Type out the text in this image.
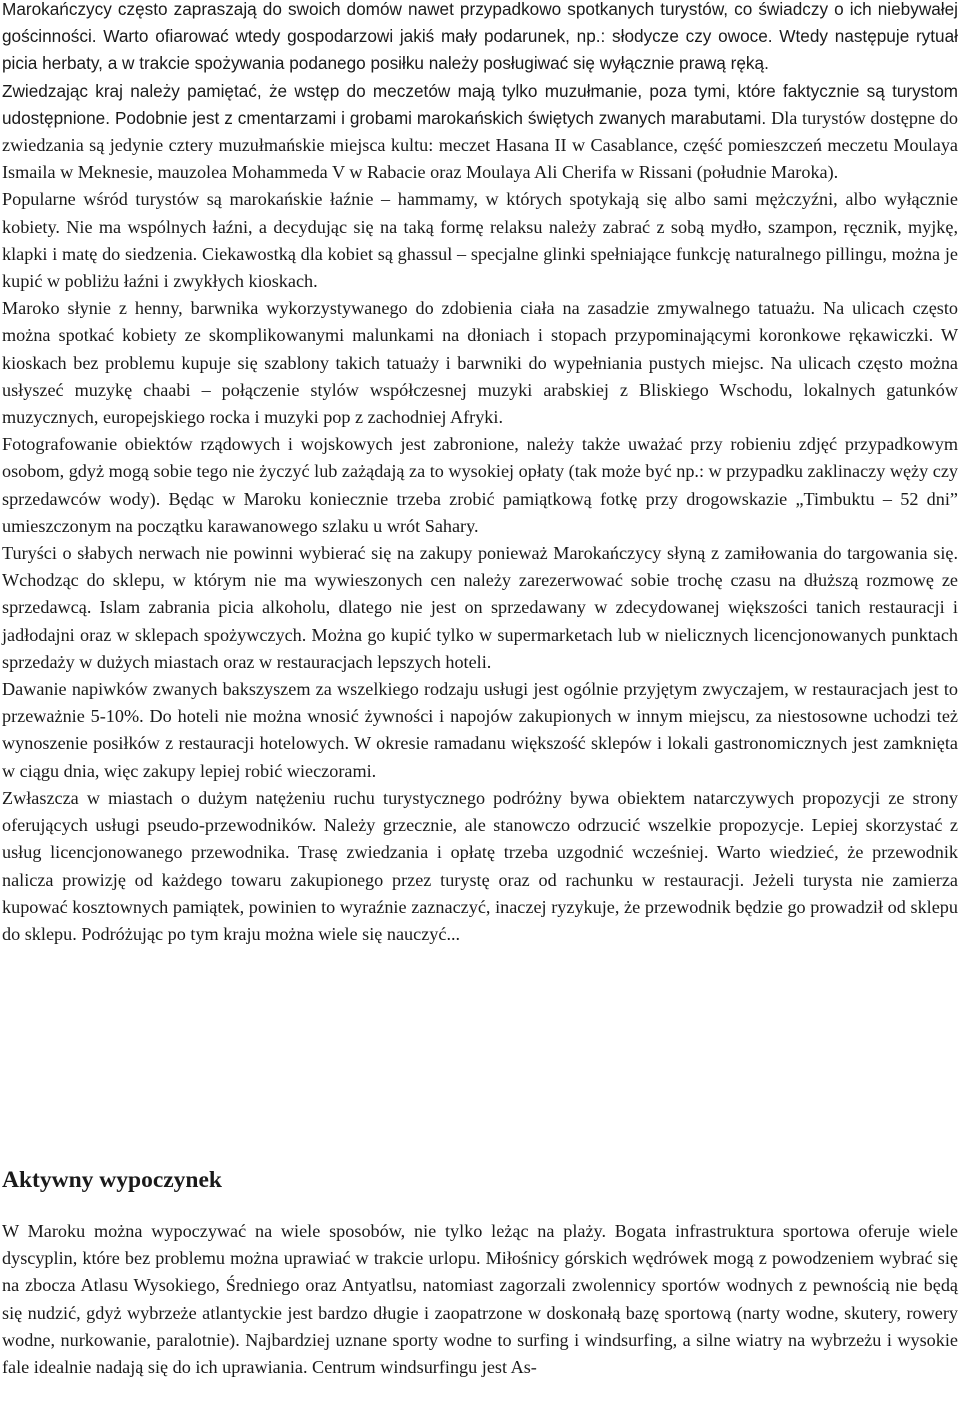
Marokańczycy często zapraszają do swoich domów nawet przypadkowo spotkanych turystów, co świadczy o ich niebywałej gościnności. Warto ofiarować wtedy gospodarzowi jakiś mały podarunek, np.: słodycze czy owoce. Wtedy następuje rytuał picia herbaty, a w trakcie spożywania podanego posiłku należy posługiwać się wyłącznie prawą ręką.

Zwiedzając kraj należy pamiętać, że wstęp do meczetów mają tylko muzułmanie, poza tymi, które faktycznie są turystom udostępnione. Podobnie jest z cmentarzami i grobami marokańskich świętych zwanych marabutami. Dla turystów dostępne do zwiedzania są jedynie cztery muzułmańskie miejsca kultu: meczet Hasana II w Casablance, część pomieszczeń meczetu Moulaya Ismaila w Meknesie, mauzolea Mohammeda V w Rabacie oraz Moulaya Ali Cherifa w Rissani (południe Maroka).

Popularne wśród turystów są marokańskie łaźnie – hammamy, w których spotykają się albo sami mężczyźni, albo wyłącznie kobiety. Nie ma wspólnych łaźni, a decydując się na taką formę relaksu należy zabrać z sobą mydło, szampon, ręcznik, myjkę, klapki i matę do siedzenia. Ciekawostką dla kobiet są ghassul – specjalne glinki spełniające funkcję naturalnego pillingu, można je kupić w pobliżu łaźni i zwykłych kioskach.

Maroko słynie z henny, barwnika wykorzystywanego do zdobienia ciała na zasadzie zmywalnego tatuażu. Na ulicach często można spotkać kobiety ze skomplikowanymi malunkami na dłoniach i stopach przypominającymi koronkowe rękawiczki. W kioskach bez problemu kupuje się szablony takich tatuaży i barwniki do wypełniania pustych miejsc. Na ulicach często można usłyszeć muzykę chaabi – połączenie stylów współczesnej muzyki arabskiej z Bliskiego Wschodu, lokalnych gatunków muzycznych, europejskiego rocka i muzyki pop z zachodniej Afryki.

Fotografowanie obiektów rządowych i wojskowych jest zabronione, należy także uważać przy robieniu zdjęć przypadkowym osobom, gdyż mogą sobie tego nie życzyć lub zażądają za to wysokiej opłaty (tak może być np.: w przypadku zaklinaczy węży czy sprzedawców wody). Będąc w Maroku koniecznie trzeba zrobić pamiątkową fotkę przy drogowskazie „Timbuktu – 52 dni” umieszczonym na początku karawanowego szlaku u wrót Sahary.

Turyści o słabych nerwach nie powinni wybierać się na zakupy ponieważ Marokańczycy słyną z zamiłowania do targowania się. Wchodząc do sklepu, w którym nie ma wywieszonych cen należy zarezerwować sobie trochę czasu na dłuższą rozmowę ze sprzedawcą. Islam zabrania picia alkoholu, dlatego nie jest on sprzedawany w zdecydowanej większości tanich restauracji i jadłodajni oraz w sklepach spożywczych. Można go kupić tylko w supermarketach lub w nielicznych licencjonowanych punktach sprzedaży w dużych miastach oraz w restauracjach lepszych hoteli.

Dawanie napiwków zwanych bakszyszem za wszelkiego rodzaju usługi jest ogólnie przyjętym zwyczajem, w restauracjach jest to przeważnie 5-10%. Do hoteli nie można wnosić żywności i napojów zakupionych w innym miejscu, za niestosowne uchodzi też wynoszenie posiłków z restauracji hotelowych. W okresie ramadanu większość sklepów i lokali gastronomicznych jest zamknięta w ciągu dnia, więc zakupy lepiej robić wieczorami.

Zwłaszcza w miastach o dużym natężeniu ruchu turystycznego podróżny bywa obiektem natarczywych propozycji ze strony oferujących usługi pseudo-przewodników. Należy grzecznie, ale stanowczo odrzucić wszelkie propozycje. Lepiej skorzystać z usług licencjonowanego przewodnika. Trasę zwiedzania i opłatę trzeba uzgodnić wcześniej. Warto wiedzieć, że przewodnik nalicza prowizję od każdego towaru zakupionego przez turystę oraz od rachunku w restauracji. Jeżeli turysta nie zamierza kupować kosztownych pamiątek, powinien to wyraźnie zaznaczyć, inaczej ryzykuje, że przewodnik będzie go prowadził od sklepu do sklepu. Podróżując po tym kraju można wiele się nauczyć...

Aktywny wypoczynek

W Maroku można wypoczywać na wiele sposobów, nie tylko leżąc na plaży. Bogata infrastruktura sportowa oferuje wiele dyscyplin, które bez problemu można uprawiać w trakcie urlopu. Miłośnicy górskich wędrówek mogą z powodzeniem wybrać się na zbocza Atlasu Wysokiego, Średniego oraz Antyatlsu, natomiast zagorzali zwolennicy sportów wodnych z pewnością nie będą się nudzić, gdyż wybrzeże atlantyckie jest bardzo długie i zaopatrzone w doskonałą bazę sportową (narty wodne, skutery, rowery wodne, nurkowanie, paralotnie). Najbardziej uznane sporty wodne to surfing i windsurfing, a silne wiatry na wybrzeżu i wysokie fale idealnie nadają się do ich uprawiania. Centrum windsurfingu jest As-
